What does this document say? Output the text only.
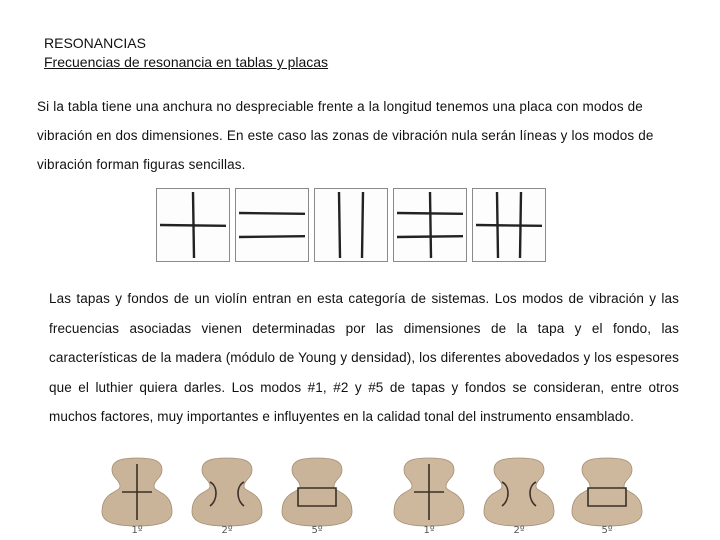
RESONANCIAS
Frecuencias de resonancia en tablas y placas
Si la tabla tiene una anchura no despreciable frente a la longitud tenemos una placa con modos de vibración en dos dimensiones. En este caso las zonas de vibración nula serán líneas y los modos de vibración forman figuras sencillas.
Las tapas y fondos de un violín entran en esta categoría de sistemas. Los modos de vibración y las frecuencias asociadas vienen determinadas por las dimensiones de la tapa y el fondo, las características de la madera (módulo de Young y densidad), los diferentes abovedados y los espesores que el luthier quiera darles. Los modos #1, #2 y #5 de tapas y fondos se consideran, entre otros muchos factores, muy importantes e influyentes en la calidad tonal del instrumento ensamblado.
1º	2º	5º	1º	2º	5º
